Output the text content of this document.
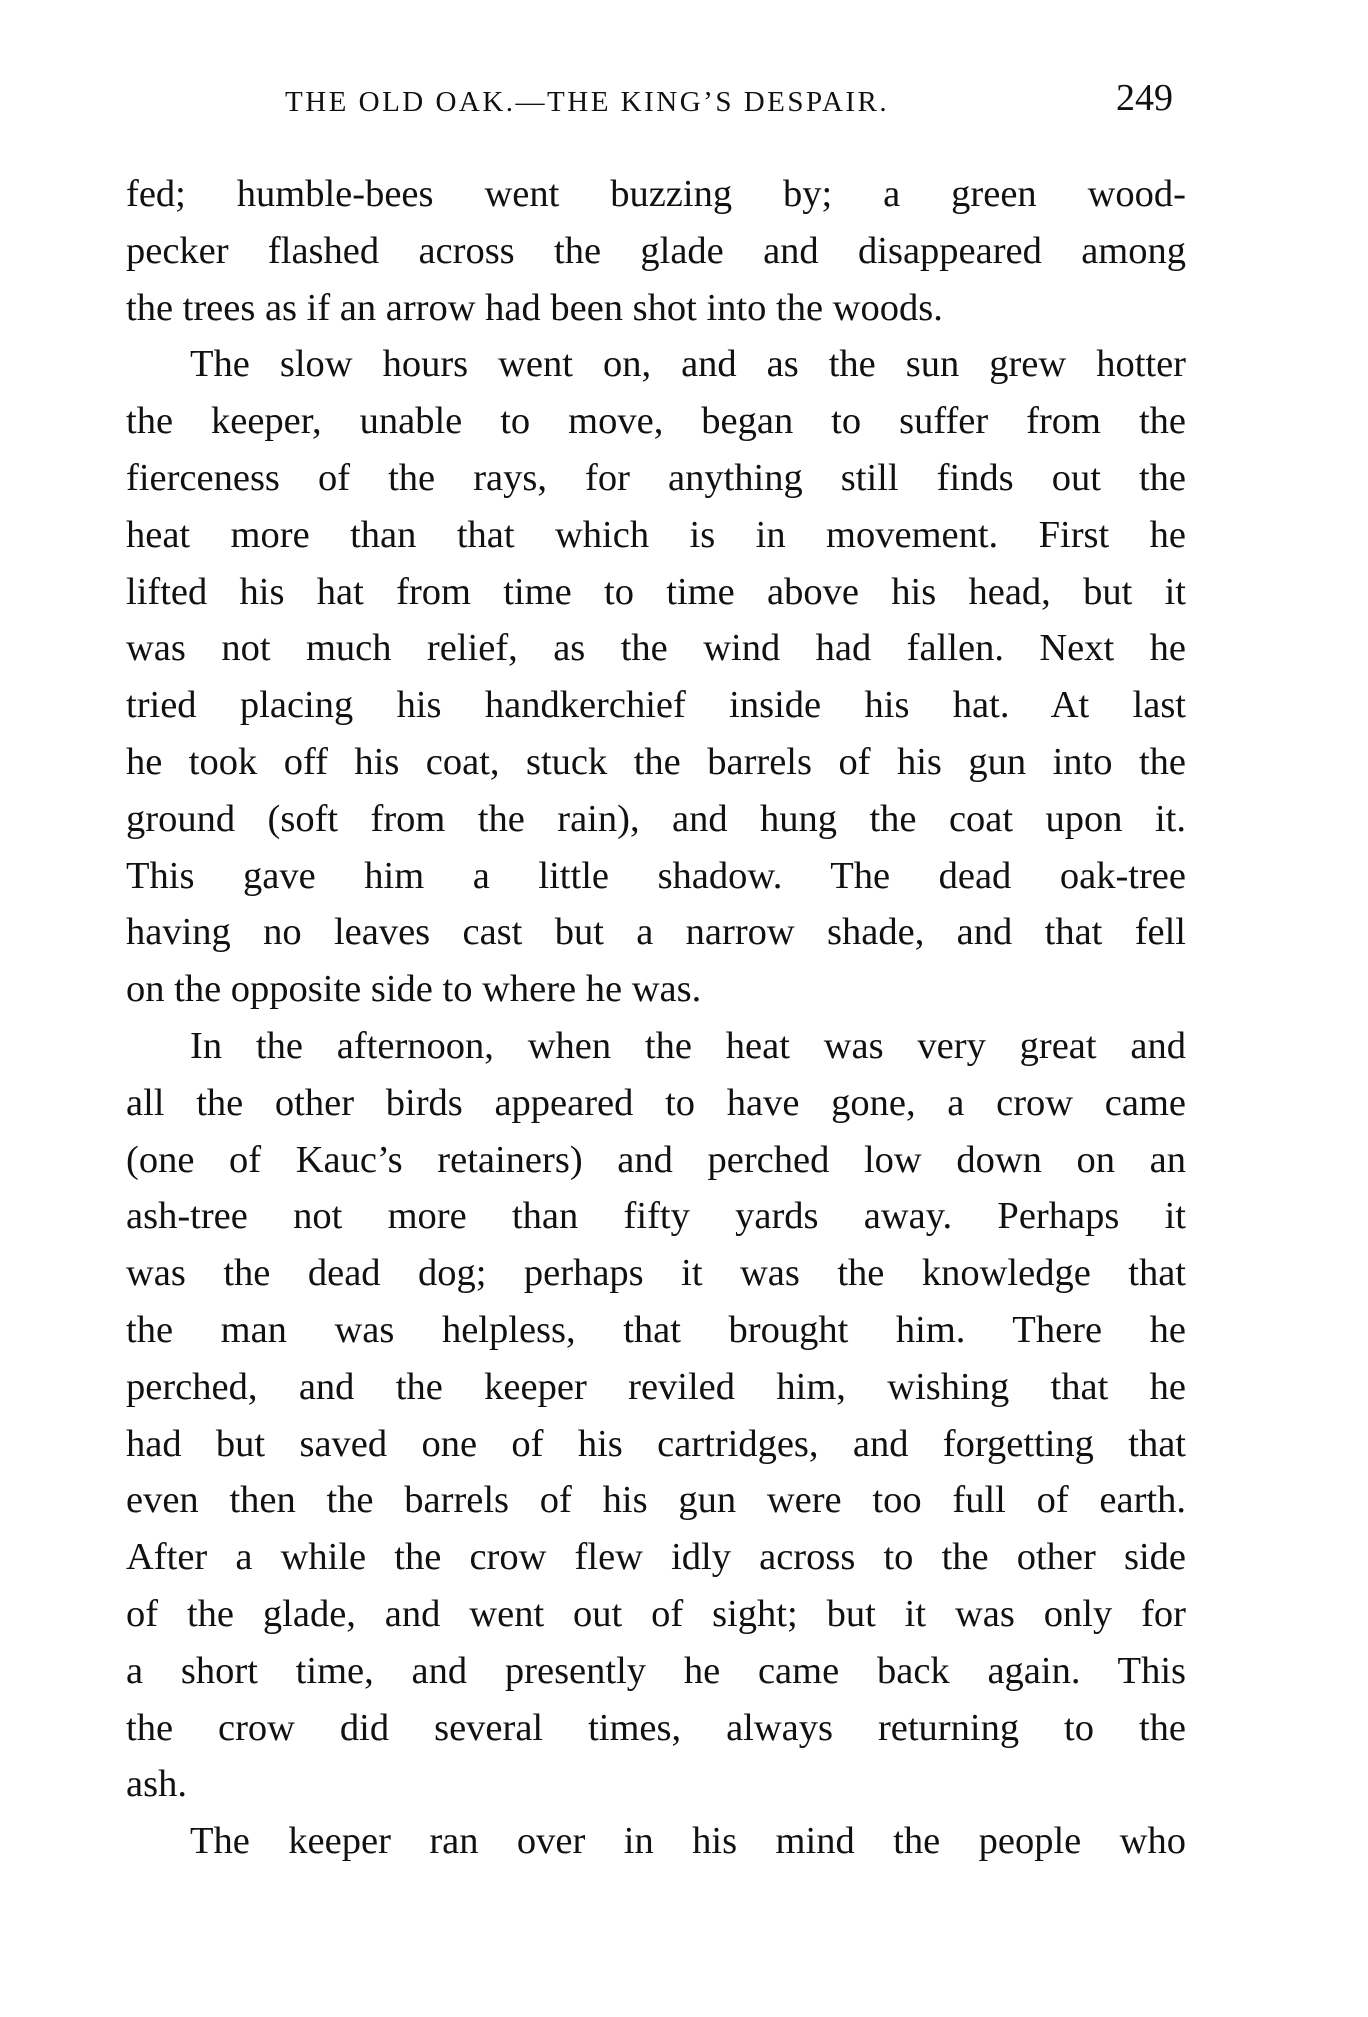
THE OLD OAK.—THE KING’S DESPAIR.	249
fed; humble-bees went buzzing by; a green wood-
pecker flashed across the glade and disappeared among
the trees as if an arrow had been shot into the woods.
The slow hours went on, and as the sun grew hotter
the keeper, unable to move, began to suffer from the
fierceness of the rays, for anything still finds out the
heat more than that which is in movement. First he
lifted his hat from time to time above his head, but it
was not much relief, as the wind had fallen. Next he
tried placing his handkerchief inside his hat. At last
he took off his coat, stuck the barrels of his gun into the
ground (soft from the rain), and hung the coat upon it.
This gave him a little shadow. The dead oak-tree
having no leaves cast but a narrow shade, and that fell
on the opposite side to where he was.
In the afternoon, when the heat was very great and
all the other birds appeared to have gone, a crow came
(one of Kauc’s retainers) and perched low down on an
ash-tree not more than fifty yards away. Perhaps it
was the dead dog; perhaps it was the knowledge that
the man was helpless, that brought him. There he
perched, and the keeper reviled him, wishing that he
had but saved one of his cartridges, and forgetting that
even then the barrels of his gun were too full of earth.
After a while the crow flew idly across to the other side
of the glade, and went out of sight; but it was only for
a short time, and presently he came back again. This
the crow did several times, always returning to the
ash.
The keeper ran over in his mind the people who
